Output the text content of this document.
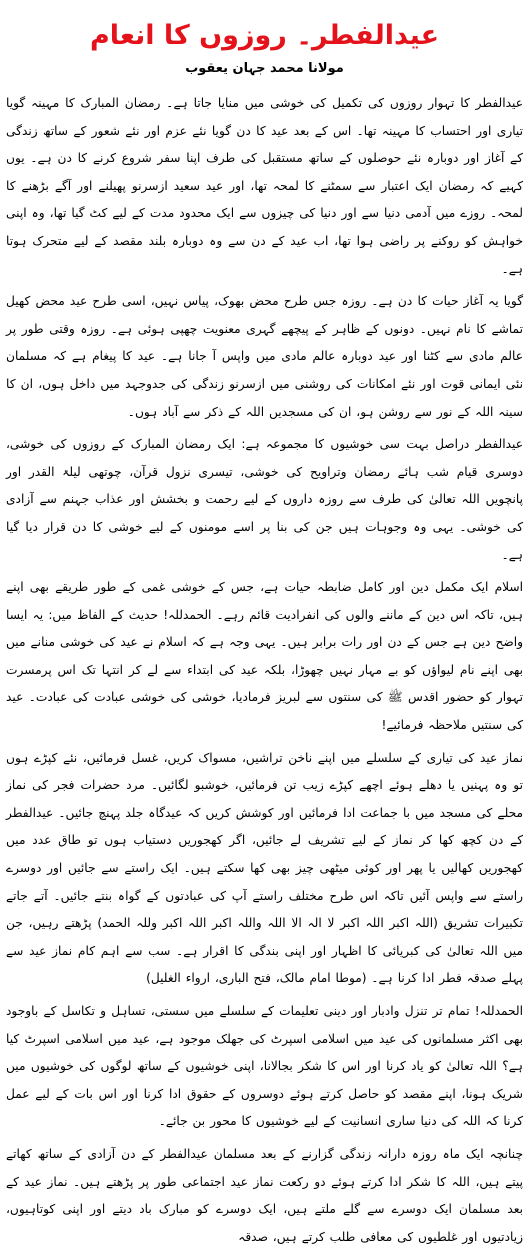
عیدالفطر۔ روزوں کا انعام
مولانا محمد جہان یعقوب

عیدالفطر کا تہوار روزوں کی تکمیل کی خوشی میں منایا جاتا ہے۔ رمضان المبارک کا مہینہ گویا تیاری اور احتساب کا مہینہ تھا۔ اس کے بعد عید کا دن گویا نئے عزم اور نئے شعور کے ساتھ زندگی کے آغاز اور دوبارہ نئے حوصلوں کے ساتھ مستقبل کی طرف اپنا سفر شروع کرنے کا دن ہے۔ یوں کہیے کہ رمضان ایک اعتبار سے سمٹنے کا لمحہ تھا، اور عید سعید ازسرنو پھیلنے اور آگے بڑھنے کا لمحہ۔ روزے میں آدمی دنیا سے اور دنیا کی چیزوں سے ایک محدود مدت کے لیے کٹ گیا تھا، وہ اپنی خواہش کو روکنے پر راضی ہوا تھا، اب عید کے دن سے وہ دوبارہ بلند مقصد کے لیے متحرک ہوتا ہے۔

گویا یہ آغاز حیات کا دن ہے۔ روزہ جس طرح محض بھوک، پیاس نہیں، اسی طرح عید محض کھیل تماشے کا نام نہیں۔ دونوں کے ظاہر کے پیچھے گہری معنویت چھپی ہوئی ہے۔ روزہ وقتی طور پر عالم مادی سے کٹنا اور عید دوبارہ عالم مادی میں واپس آ جانا ہے۔ عید کا پیغام ہے کہ مسلمان نئی ایمانی قوت اور نئے امکانات کی روشنی میں ازسرنو زندگی کی جدوجہد میں داخل ہوں، ان کا سینہ اللہ کے نور سے روشن ہو، ان کی مسجدیں اللہ کے ذکر سے آباد ہوں۔

عیدالفطر دراصل بہت سی خوشیوں کا مجموعہ ہے: ایک رمضان المبارک کے روزوں کی خوشی، دوسری قیام شب ہائے رمضان وتراویح کی خوشی، تیسری نزول قرآن، چوتھی لیلۃ القدر اور پانچویں اللہ تعالیٰ کی طرف سے روزہ داروں کے لیے رحمت و بخشش اور عذاب جہنم سے آزادی کی خوشی۔ یہی وہ وجوہات ہیں جن کی بنا پر اسے مومنوں کے لیے خوشی کا دن قرار دیا گیا ہے۔

اسلام ایک مکمل دین اور کامل ضابطہ حیات ہے، جس کے خوشی غمی کے طور طریقے بھی اپنے ہیں، تاکہ اس دین کے ماننے والوں کی انفرادیت قائم رہے۔ الحمدللہ! حدیث کے الفاظ میں: یہ ایسا واضح دین ہے جس کے دن اور رات برابر ہیں۔ یہی وجہ ہے کہ اسلام نے عید کی خوشی منانے میں بھی اپنے نام لیواؤں کو بے مہار نہیں چھوڑا، بلکہ عید کی ابتداء سے لے کر انتہا تک اس پرمسرت تہوار کو حضور اقدس ﷺ کی سنتوں سے لبریز فرمادیا، خوشی کی خوشی عبادت کی عبادت۔ عید کی سنتیں ملاحظہ فرمائیے!

نماز عید کی تیاری کے سلسلے میں اپنے ناخن تراشیں، مسواک کریں، غسل فرمائیں، نئے کپڑے ہوں تو وہ پہنیں یا دھلے ہوئے اچھے کپڑے زیب تن فرمائیں، خوشبو لگائیں۔ مرد حضرات فجر کی نماز محلے کی مسجد میں با جماعت ادا فرمائیں اور کوشش کریں کہ عیدگاہ جلد پہنچ جائیں۔ عیدالفطر کے دن کچھ کھا کر نماز کے لیے تشریف لے جائیں، اگر کھجوریں دستیاب ہوں تو طاق عدد میں کھجوریں کھالیں یا پھر اور کوئی میٹھی چیز بھی کھا سکتے ہیں۔ ایک راستے سے جائیں اور دوسرے راستے سے واپس آئیں تاکہ اس طرح مختلف راستے آپ کی عبادتوں کے گواہ بنتے جائیں۔ آتے جاتے تکبیرات تشریق (اللہ اکبر اللہ اکبر لا الہ الا اللہ واللہ اکبر اللہ اکبر وللہ الحمد) پڑھتے رہیں، جن میں اللہ تعالیٰ کی کبریائی کا اظہار اور اپنی بندگی کا اقرار ہے۔ سب سے اہم کام نماز عید سے پہلے صدقہ فطر ادا کرنا ہے۔ (موطا امام مالک، فتح الباری، ارواء الغلیل)

الحمدللہ! تمام تر تنزل وادبار اور دینی تعلیمات کے سلسلے میں سستی، تساہل و تکاسل کے باوجود بھی اکثر مسلمانوں کی عید میں اسلامی اسپرٹ کی جھلک موجود ہے، عید میں اسلامی اسپرٹ کیا ہے؟ اللہ تعالیٰ کو یاد کرنا اور اس کا شکر بجالانا، اپنی خوشیوں کے ساتھ لوگوں کی خوشیوں میں شریک ہونا، اپنے مقصد کو حاصل کرتے ہوئے دوسروں کے حقوق ادا کرنا اور اس بات کے لیے عمل کرنا کہ اللہ کی دنیا ساری انسانیت کے لیے خوشیوں کا محور بن جائے۔

چنانچہ ایک ماہ روزہ دارانہ زندگی گزارنے کے بعد مسلمان عیدالفطر کے دن آزادی کے ساتھ کھاتے پیتے ہیں، اللہ کا شکر ادا کرتے ہوئے دو رکعت نماز عید اجتماعی طور پر پڑھتے ہیں۔ نماز عید کے بعد مسلمان ایک دوسرے سے گلے ملتے ہیں، ایک دوسرے کو مبارک باد دیتے اور اپنی کوتاہیوں، زیادتیوں اور غلطیوں کی معافی طلب کرتے ہیں، صدقہ
